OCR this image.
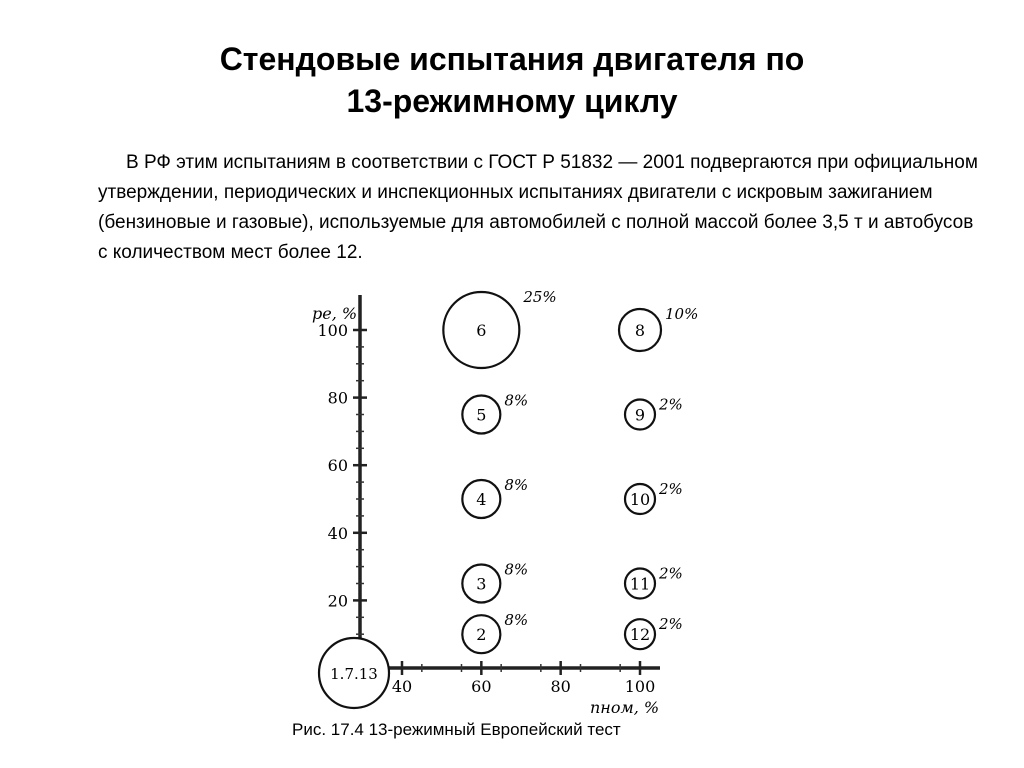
Стендовые испытания двигателя по
13-режимному циклу

В РФ этим испытаниям в соответствии с ГОСТ Р 51832 — 2001 подвергаются при официальном утверждении, периодических и инспекционных испытаниях двигатели с искровым зажиганием (бензиновые и газовые), используемые для автомобилей с полной массой более 3,5 т и автобусов с количеством мест более 12.

20
40
60
80
100
40	60	80	100
pe, %
nном, %
1.7.13
2
8%
3
8%
4
8%
5
8%
6
25%
8
10%
9
2%
10
2%
11
2%
12
2%
Рис. 17.4 13-режимный Европейский тест
